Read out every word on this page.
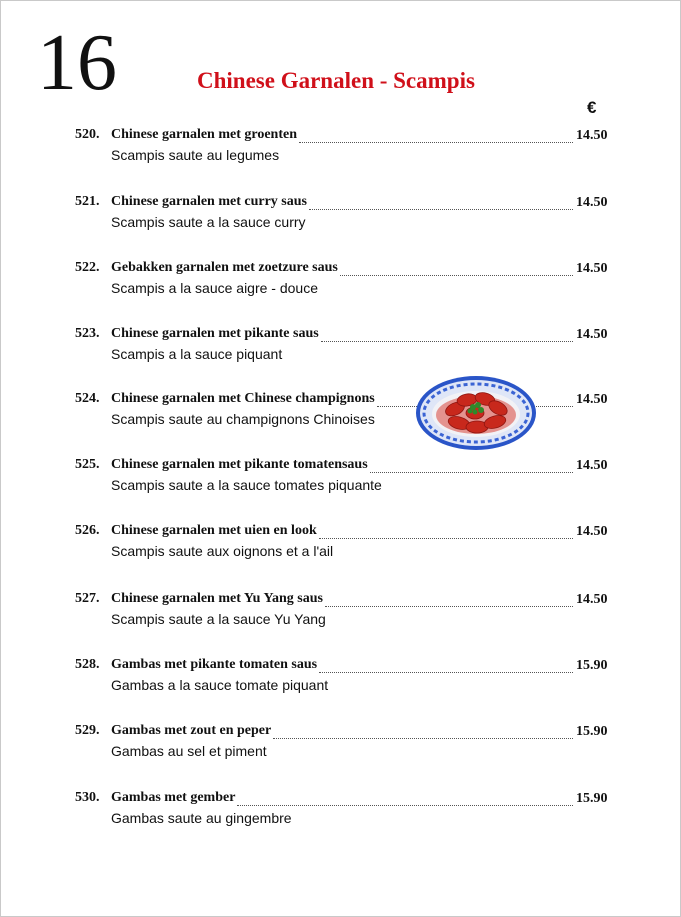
16	Chinese Garnalen - Scampis
€
520. Chinese garnalen met groenten	14.50
Scampis saute au legumes
521. Chinese garnalen met curry saus	14.50
Scampis saute a la sauce curry
522. Gebakken garnalen met zoetzure saus	14.50
Scampis a la sauce aigre - douce
523. Chinese garnalen met pikante saus	14.50
Scampis a la sauce piquant
524. Chinese garnalen met Chinese champignons	14.50
Scampis saute au champignons Chinoises
525. Chinese garnalen met pikante tomatensaus	14.50
Scampis saute a la sauce tomates piquante
526. Chinese garnalen met uien en look	14.50
Scampis saute aux oignons et a l'ail
527. Chinese garnalen met Yu Yang saus	14.50
Scampis saute a la sauce Yu Yang
528. Gambas met pikante tomaten saus	15.90
Gambas a la sauce tomate piquant
529. Gambas met zout en peper	15.90
Gambas au sel et piment
530. Gambas met gember	15.90
Gambas saute au gingembre
